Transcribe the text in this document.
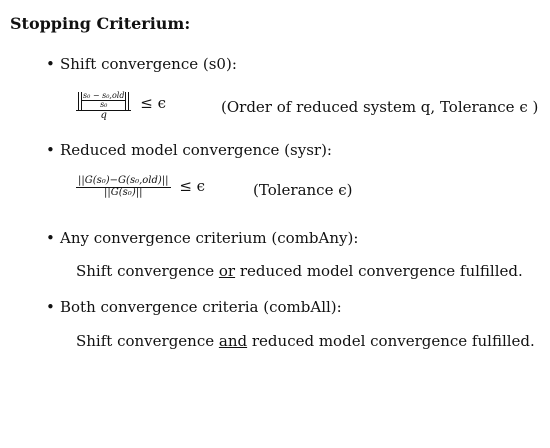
Stopping Criterium:
• Shift convergence (s0):
$\frac{\frac{\text{s₀ − s₀,old}}{\text{s₀}}}{q} \le \epsilon$	(Order of reduced system q, Tolerance ϵ )
• Reduced model convergence (sysr):
$\frac{\text{||G(s₀)−G(s₀,old)||}}{\text{||G(s₀)||}} \le \epsilon$	(Tolerance ϵ)
• Any convergence criterium (combAny):
Shift convergence or reduced model convergence fulfilled.
• Both convergence criteria (combAll):
Shift convergence and reduced model convergence fulfilled.
